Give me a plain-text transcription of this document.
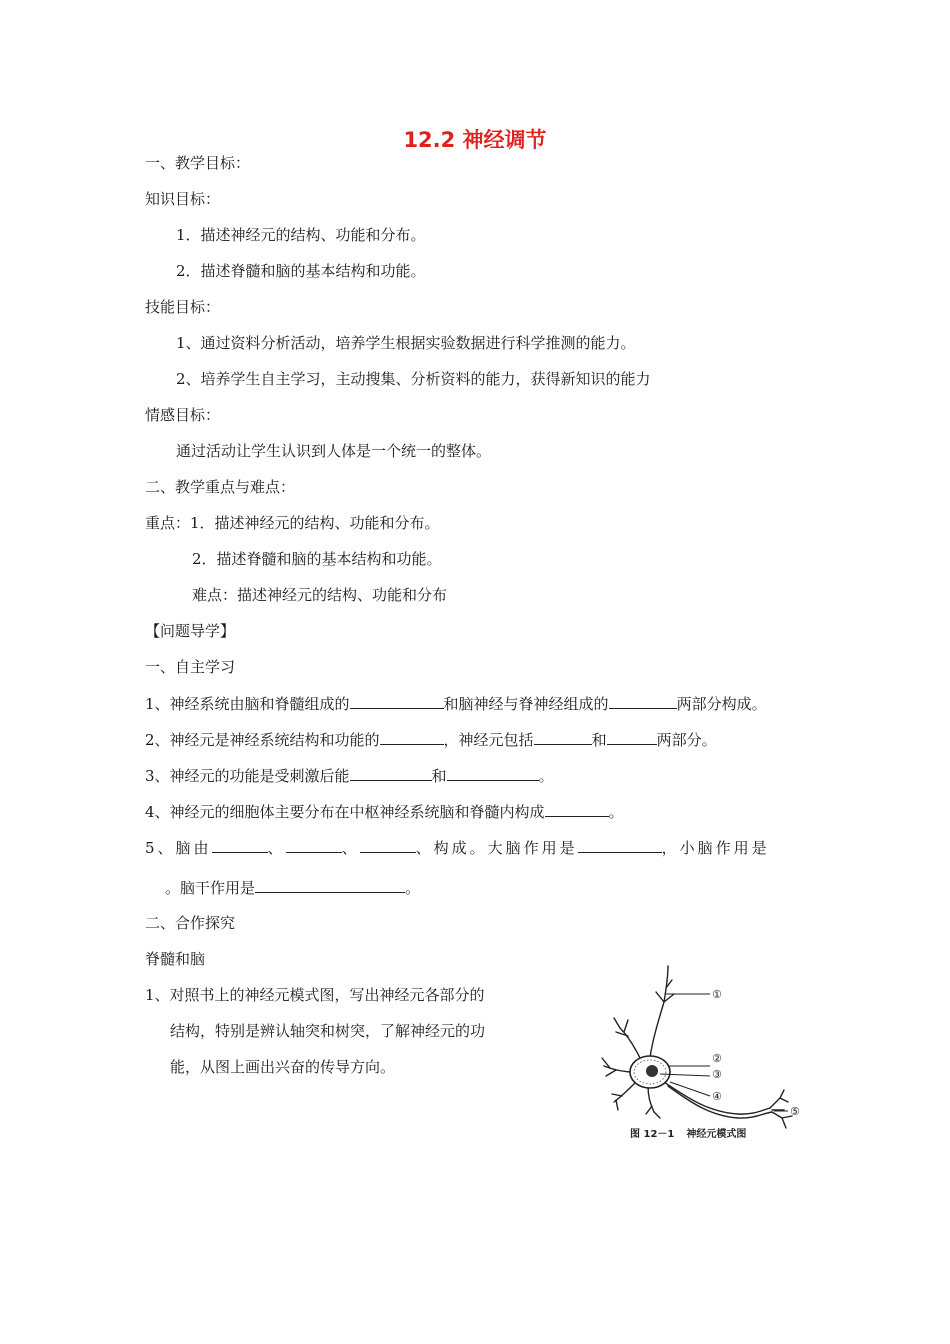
12.2 神经调节
一、教学目标：
知识目标：
1．描述神经元的结构、功能和分布。
2．描述脊髓和脑的基本结构和功能。
技能目标：
1、通过资料分析活动，培养学生根据实验数据进行科学推测的能力。
2、培养学生自主学习，主动搜集、分析资料的能力，获得新知识的能力
情感目标：
通过活动让学生认识到人体是一个统一的整体。
二、教学重点与难点：
重点：1．描述神经元的结构、功能和分布。
2．描述脊髓和脑的基本结构和功能。
难点：描述神经元的结构、功能和分布
【问题导学】
一、自主学习
1、神经系统由脑和脊髓组成的	和脑神经与脊神经组成的	两部分构成。
2、神经元是神经系统结构和功能的	，神经元包括	和	两部分。
3、神经元的功能是受刺激后能	和	。
4、神经元的细胞体主要分布在中枢神经系统脑和脊髓内构成	。
5、脑由	、	、	、构成。大脑作用是	，小脑作用是
。脑干作用是	。
二、合作探究
脊髓和脑
1、对照书上的神经元模式图，写出神经元各部分的
结构，特别是辨认轴突和树突，了解神经元的功
能，从图上画出兴奋的传导方向。
①
②
③
④
⑤
图 12－1 神经元模式图
